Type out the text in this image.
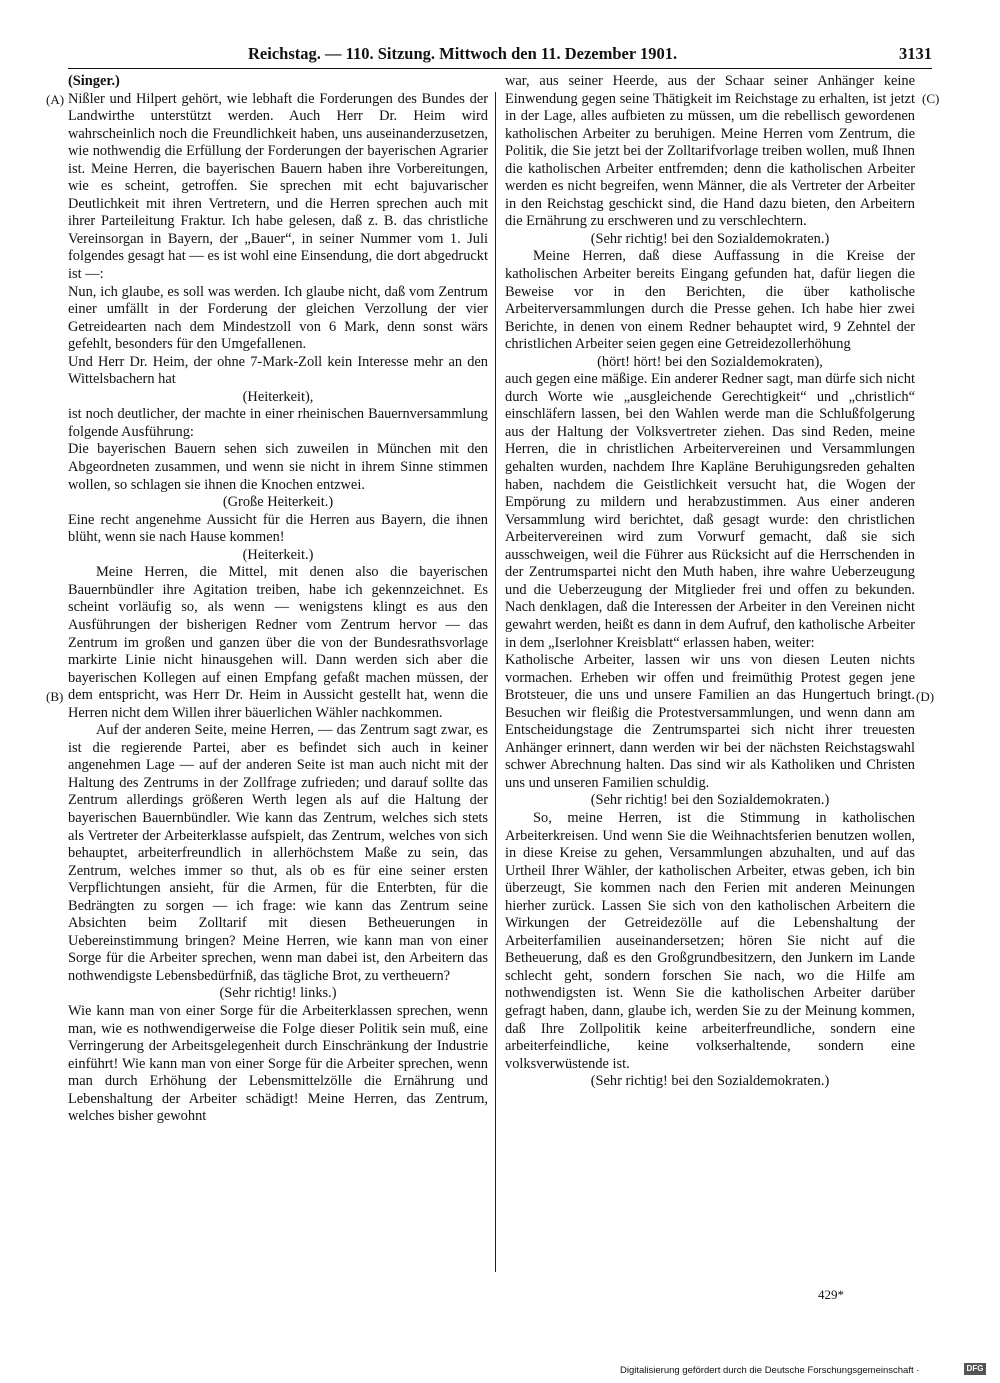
Reichstag. — 110. Sitzung. Mittwoch den 11. Dezember 1901.	3131
(A)
(B)
(C)
(D)

(Singer.)

Nißler und Hilpert gehört, wie lebhaft die Forderungen des Bundes der Landwirthe unterstützt werden. Auch Herr Dr. Heim wird wahrscheinlich noch die Freundlichkeit haben, uns auseinanderzusetzen, wie nothwendig die Erfüllung der Forderungen der bayerischen Agrarier ist. Meine Herren, die bayerischen Bauern haben ihre Vorbereitungen, wie es scheint, getroffen. Sie sprechen mit echt bajuvarischer Deutlichkeit mit ihren Vertretern, und die Herren sprechen auch mit ihrer Parteileitung Fraktur. Ich habe gelesen, daß z. B. das christliche Vereinsorgan in Bayern, der „Bauer“, in seiner Nummer vom 1. Juli folgendes gesagt hat — es ist wohl eine Einsendung, die dort abgedruckt ist —:

Nun, ich glaube, es soll was werden. Ich glaube nicht, daß vom Zentrum einer umfällt in der Forderung der gleichen Verzollung der vier Getreidearten nach dem Mindestzoll von 6 Mark, denn sonst wärs gefehlt, besonders für den Umgefallenen.

Und Herr Dr. Heim, der ohne 7-Mark-Zoll kein Interesse mehr an den Wittelsbachern hat

(Heiterkeit),

ist noch deutlicher, der machte in einer rheinischen Bauernversammlung folgende Ausführung:

Die bayerischen Bauern sehen sich zuweilen in München mit den Abgeordneten zusammen, und wenn sie nicht in ihrem Sinne stimmen wollen, so schlagen sie ihnen die Knochen entzwei.

(Große Heiterkeit.)

Eine recht angenehme Aussicht für die Herren aus Bayern, die ihnen blüht, wenn sie nach Hause kommen!

(Heiterkeit.)

Meine Herren, die Mittel, mit denen also die bayerischen Bauernbündler ihre Agitation treiben, habe ich gekennzeichnet. Es scheint vorläufig so, als wenn — wenigstens klingt es aus den Ausführungen der bisherigen Redner vom Zentrum hervor — das Zentrum im großen und ganzen über die von der Bundesrathsvorlage markirte Linie nicht hinausgehen will. Dann werden sich aber die bayerischen Kollegen auf einen Empfang gefaßt machen müssen, der dem entspricht, was Herr Dr. Heim in Aussicht gestellt hat, wenn die Herren nicht dem Willen ihrer bäuerlichen Wähler nachkommen.

Auf der anderen Seite, meine Herren, — das Zentrum sagt zwar, es ist die regierende Partei, aber es befindet sich auch in keiner angenehmen Lage — auf der anderen Seite ist man auch nicht mit der Haltung des Zentrums in der Zollfrage zufrieden; und darauf sollte das Zentrum allerdings größeren Werth legen als auf die Haltung der bayerischen Bauernbündler. Wie kann das Zentrum, welches sich stets als Vertreter der Arbeiterklasse aufspielt, das Zentrum, welches von sich behauptet, arbeiterfreundlich in allerhöchstem Maße zu sein, das Zentrum, welches immer so thut, als ob es für eine seiner ersten Verpflichtungen ansieht, für die Armen, für die Enterbten, für die Bedrängten zu sorgen — ich frage: wie kann das Zentrum seine Absichten beim Zolltarif mit diesen Betheuerungen in Uebereinstimmung bringen? Meine Herren, wie kann man von einer Sorge für die Arbeiter sprechen, wenn man dabei ist, den Arbeitern das nothwendigste Lebensbedürfniß, das tägliche Brot, zu vertheuern?

(Sehr richtig! links.)

Wie kann man von einer Sorge für die Arbeiterklassen sprechen, wenn man, wie es nothwendigerweise die Folge dieser Politik sein muß, eine Verringerung der Arbeitsgelegenheit durch Einschränkung der Industrie einführt! Wie kann man von einer Sorge für die Arbeiter sprechen, wenn man durch Erhöhung der Lebensmittelzölle die Ernährung und Lebenshaltung der Arbeiter schädigt! Meine Herren, das Zentrum, welches bisher gewohnt

war, aus seiner Heerde, aus der Schaar seiner Anhänger keine Einwendung gegen seine Thätigkeit im Reichstage zu erhalten, ist jetzt in der Lage, alles aufbieten zu müssen, um die rebellisch gewordenen katholischen Arbeiter zu beruhigen. Meine Herren vom Zentrum, die Politik, die Sie jetzt bei der Zolltarifvorlage treiben wollen, muß Ihnen die katholischen Arbeiter entfremden; denn die katholischen Arbeiter werden es nicht begreifen, wenn Männer, die als Vertreter der Arbeiter in den Reichstag geschickt sind, die Hand dazu bieten, den Arbeitern die Ernährung zu erschweren und zu verschlechtern.

(Sehr richtig! bei den Sozialdemokraten.)

Meine Herren, daß diese Auffassung in die Kreise der katholischen Arbeiter bereits Eingang gefunden hat, dafür liegen die Beweise vor in den Berichten, die über katholische Arbeiterversammlungen durch die Presse gehen. Ich habe hier zwei Berichte, in denen von einem Redner behauptet wird, 9 Zehntel der christlichen Arbeiter seien gegen eine Getreidezollerhöhung

(hört! hört! bei den Sozialdemokraten),

auch gegen eine mäßige. Ein anderer Redner sagt, man dürfe sich nicht durch Worte wie „ausgleichende Gerechtigkeit“ und „christlich“ einschläfern lassen, bei den Wahlen werde man die Schlußfolgerung aus der Haltung der Volksvertreter ziehen. Das sind Reden, meine Herren, die in christlichen Arbeitervereinen und Versammlungen gehalten wurden, nachdem Ihre Kapläne Beruhigungsreden gehalten haben, nachdem die Geistlichkeit versucht hat, die Wogen der Empörung zu mildern und herabzustimmen. Aus einer anderen Versammlung wird berichtet, daß gesagt wurde: den christlichen Arbeitervereinen wird zum Vorwurf gemacht, daß sie sich ausschweigen, weil die Führer aus Rücksicht auf die Herrschenden in der Zentrumspartei nicht den Muth haben, ihre wahre Ueberzeugung und die Ueberzeugung der Mitglieder frei und offen zu bekunden. Nach denklagen, daß die Interessen der Arbeiter in den Vereinen nicht gewahrt werden, heißt es dann in dem Aufruf, den katholische Arbeiter in dem „Iserlohner Kreisblatt“ erlassen haben, weiter:

Katholische Arbeiter, lassen wir uns von diesen Leuten nichts vormachen. Erheben wir offen und freimüthig Protest gegen jene Brotsteuer, die uns und unsere Familien an das Hungertuch bringt. Besuchen wir fleißig die Protestversammlungen, und wenn dann am Entscheidungstage die Zentrumspartei sich nicht ihrer treuesten Anhänger erinnert, dann werden wir bei der nächsten Reichstagswahl schwer Abrechnung halten. Das sind wir als Katholiken und Christen uns und unseren Familien schuldig.

(Sehr richtig! bei den Sozialdemokraten.)

So, meine Herren, ist die Stimmung in katholischen Arbeiterkreisen. Und wenn Sie die Weihnachtsferien benutzen wollen, in diese Kreise zu gehen, Versammlungen abzuhalten, und auf das Urtheil Ihrer Wähler, der katholischen Arbeiter, etwas geben, ich bin überzeugt, Sie kommen nach den Ferien mit anderen Meinungen hierher zurück. Lassen Sie sich von den katholischen Arbeitern die Wirkungen der Getreidezölle auf die Lebenshaltung der Arbeiterfamilien auseinandersetzen; hören Sie nicht auf die Betheuerung, daß es den Großgrundbesitzern, den Junkern im Lande schlecht geht, sondern forschen Sie nach, wo die Hilfe am nothwendigsten ist. Wenn Sie die katholischen Arbeiter darüber gefragt haben, dann, glaube ich, werden Sie zu der Meinung kommen, daß Ihre Zollpolitik keine arbeiterfreundliche, sondern eine arbeiterfeindliche, keine volkserhaltende, sondern eine volksverwüstende ist.

(Sehr richtig! bei den Sozialdemokraten.)

429*
Digitalisierung gefördert durch die Deutsche Forschungsgemeinschaft ·	DFG
